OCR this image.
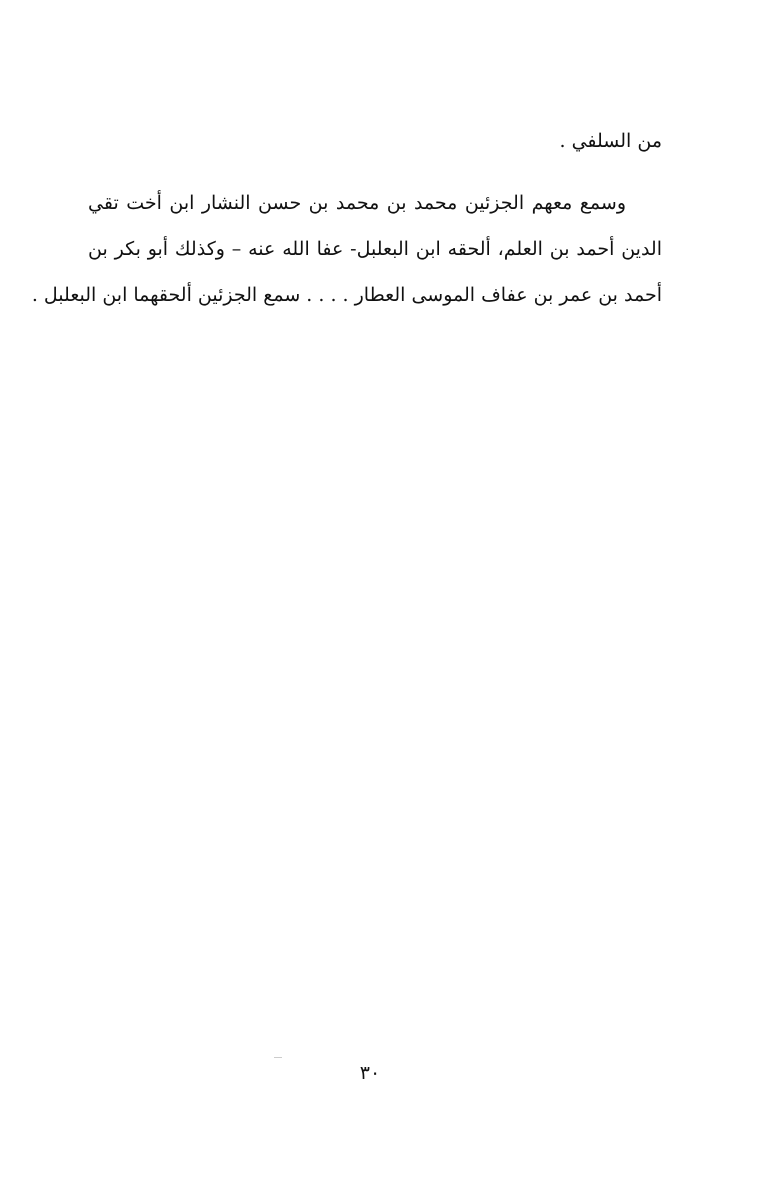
من السلفي .
وسمع معهم الجزئين محمد بن محمد بن حسن النشار ابن أخت تقي
الدين أحمد بن العلم، ألحقه ابن البعلبل- عفا الله عنه – وكذلك أبو بكر بن
أحمد بن عمر بن عفاف الموسى العطار . . . . سمع الجزئين ألحقهما ابن البعلبل .
٣٠
